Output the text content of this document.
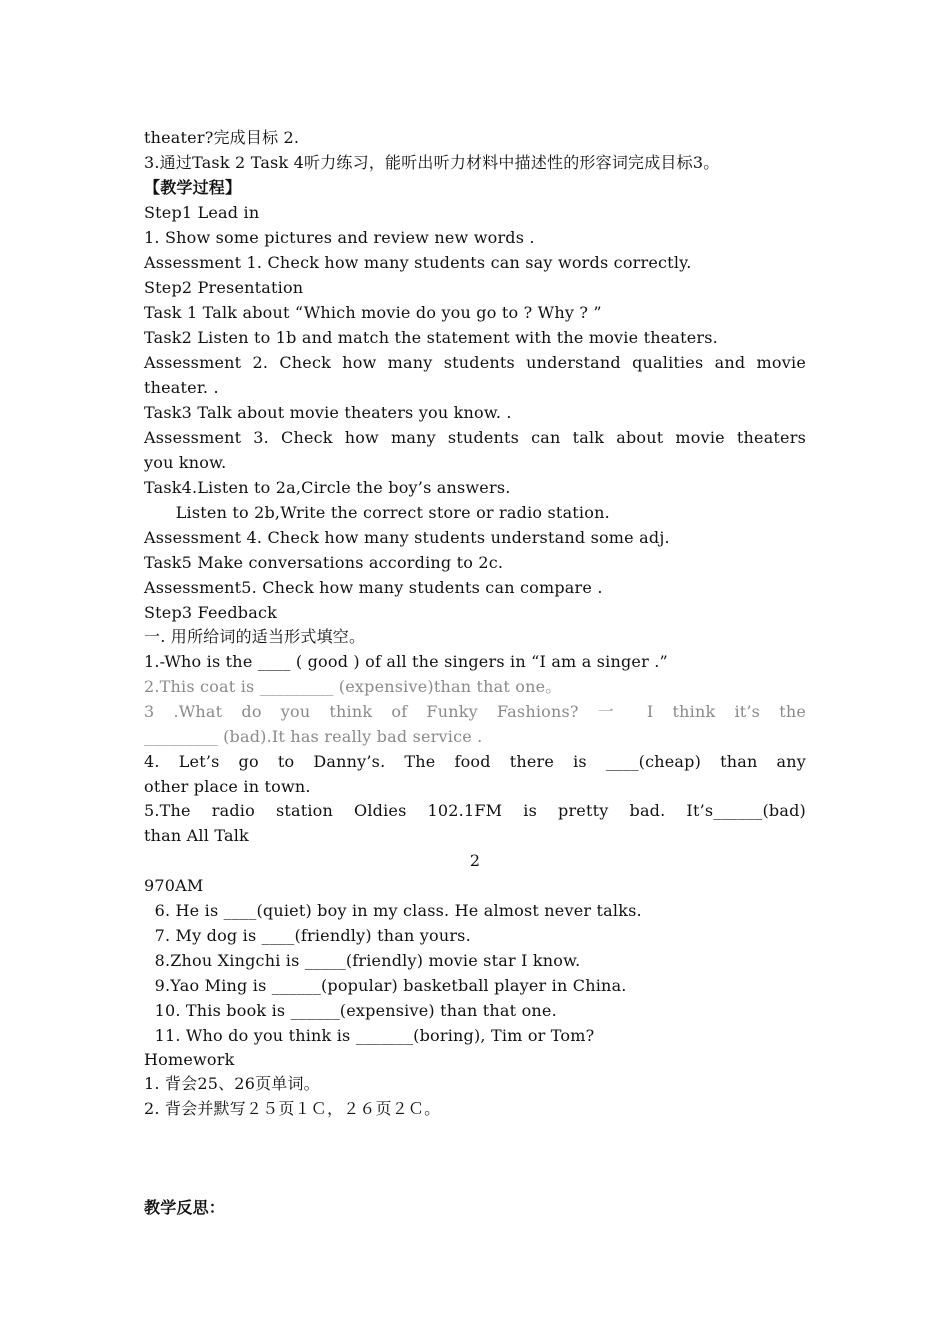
theater?完成目标 2.
3.通过Task 2 Task 4听力练习，能听出听力材料中描述性的形容词完成目标3。
【教学过程】
Step1 Lead in
1. Show some pictures and review new words .
Assessment 1. Check how many students can say words correctly.
Step2 Presentation
Task 1 Talk about “Which movie do you go to ? Why ? ”
Task2 Listen to 1b and match the statement with the movie theaters.
Assessment 2. Check how many students understand qualities and movie
theater. .
Task3 Talk about movie theaters you know. .
Assessment 3. Check how many students can talk about movie theaters
you know.
Task4.Listen to 2a,Circle the boy’s answers.
Listen to 2b,Write the correct store or radio station.
Assessment 4. Check how many students understand some adj.
Task5 Make conversations according to 2c.
Assessment5. Check how many students can compare .
Step3 Feedback
一. 用所给词的适当形式填空。
1.-Who is the ____ ( good ) of all the singers in “I am a singer .”
2.This coat is _________ (expensive)than that one。
3 .What do you think of Funky Fashions? 一 I think it’s the
_________ (bad).It has really bad service .
4. Let’s go to Danny’s. The food there is ____(cheap) than any
other place in town.
5.The radio station Oldies 102.1FM is pretty bad. It’s______(bad)
than All Talk
2
970AM
6. He is ____(quiet) boy in my class. He almost never talks.
7. My dog is ____(friendly) than yours.
8.Zhou Xingchi is _____(friendly) movie star I know.
9.Yao Ming is ______(popular) basketball player in China.
10. This book is ______(expensive) than that one.
11. Who do you think is _______(boring), Tim or Tom?
Homework
1. 背会25、26页单词。
2. 背会并默写２５页１Ｃ，２６页２Ｃ。
教学反思：
